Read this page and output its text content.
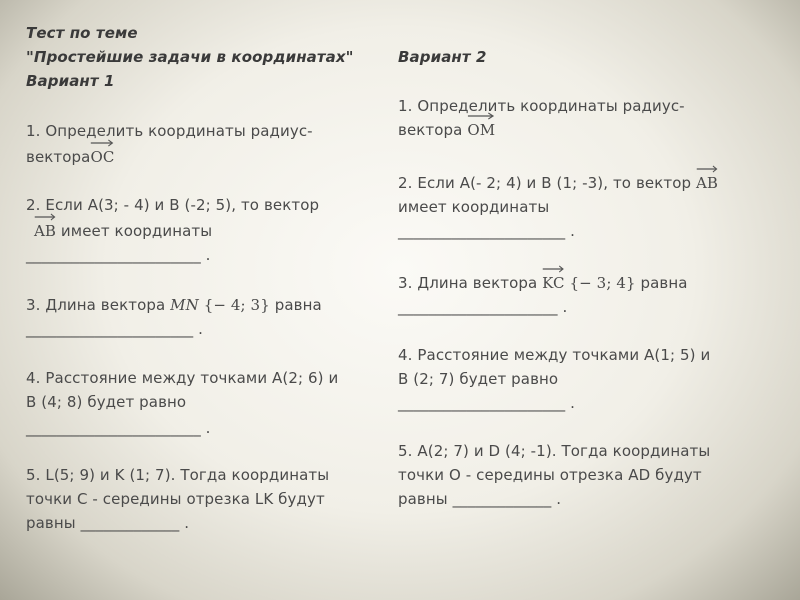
Тест по теме
"Простейшие задачи в координатах"
Вариант 1
1. Определить координаты радиус-
вектора
OC
2. Если A(3; - 4) и В (-2; 5), то вектор
AB имеет координаты
_______________________ .
3. Длина вектора MN {− 4; 3} равна
______________________ .
4. Расстояние между точками A(2; 6) и
В (4; 8) будет равно
_______________________ .
5. L(5; 9) и K (1; 7). Тогда координаты
точки C - середины отрезка LK будут
равны _____________ .
Вариант 2
1. Определить координаты радиус-
вектора
OM
2. Если A(- 2; 4) и В (1; -3), то вектор
AB
имеет координаты
______________________ .
3. Длина вектора
KC {− 3; 4} равна
_____________________ .
4. Расстояние между точками A(1; 5) и
В (2; 7) будет равно
______________________ .
5. A(2; 7) и D (4; -1). Тогда координаты
точки О - середины отрезка AD будут
равны _____________ .
